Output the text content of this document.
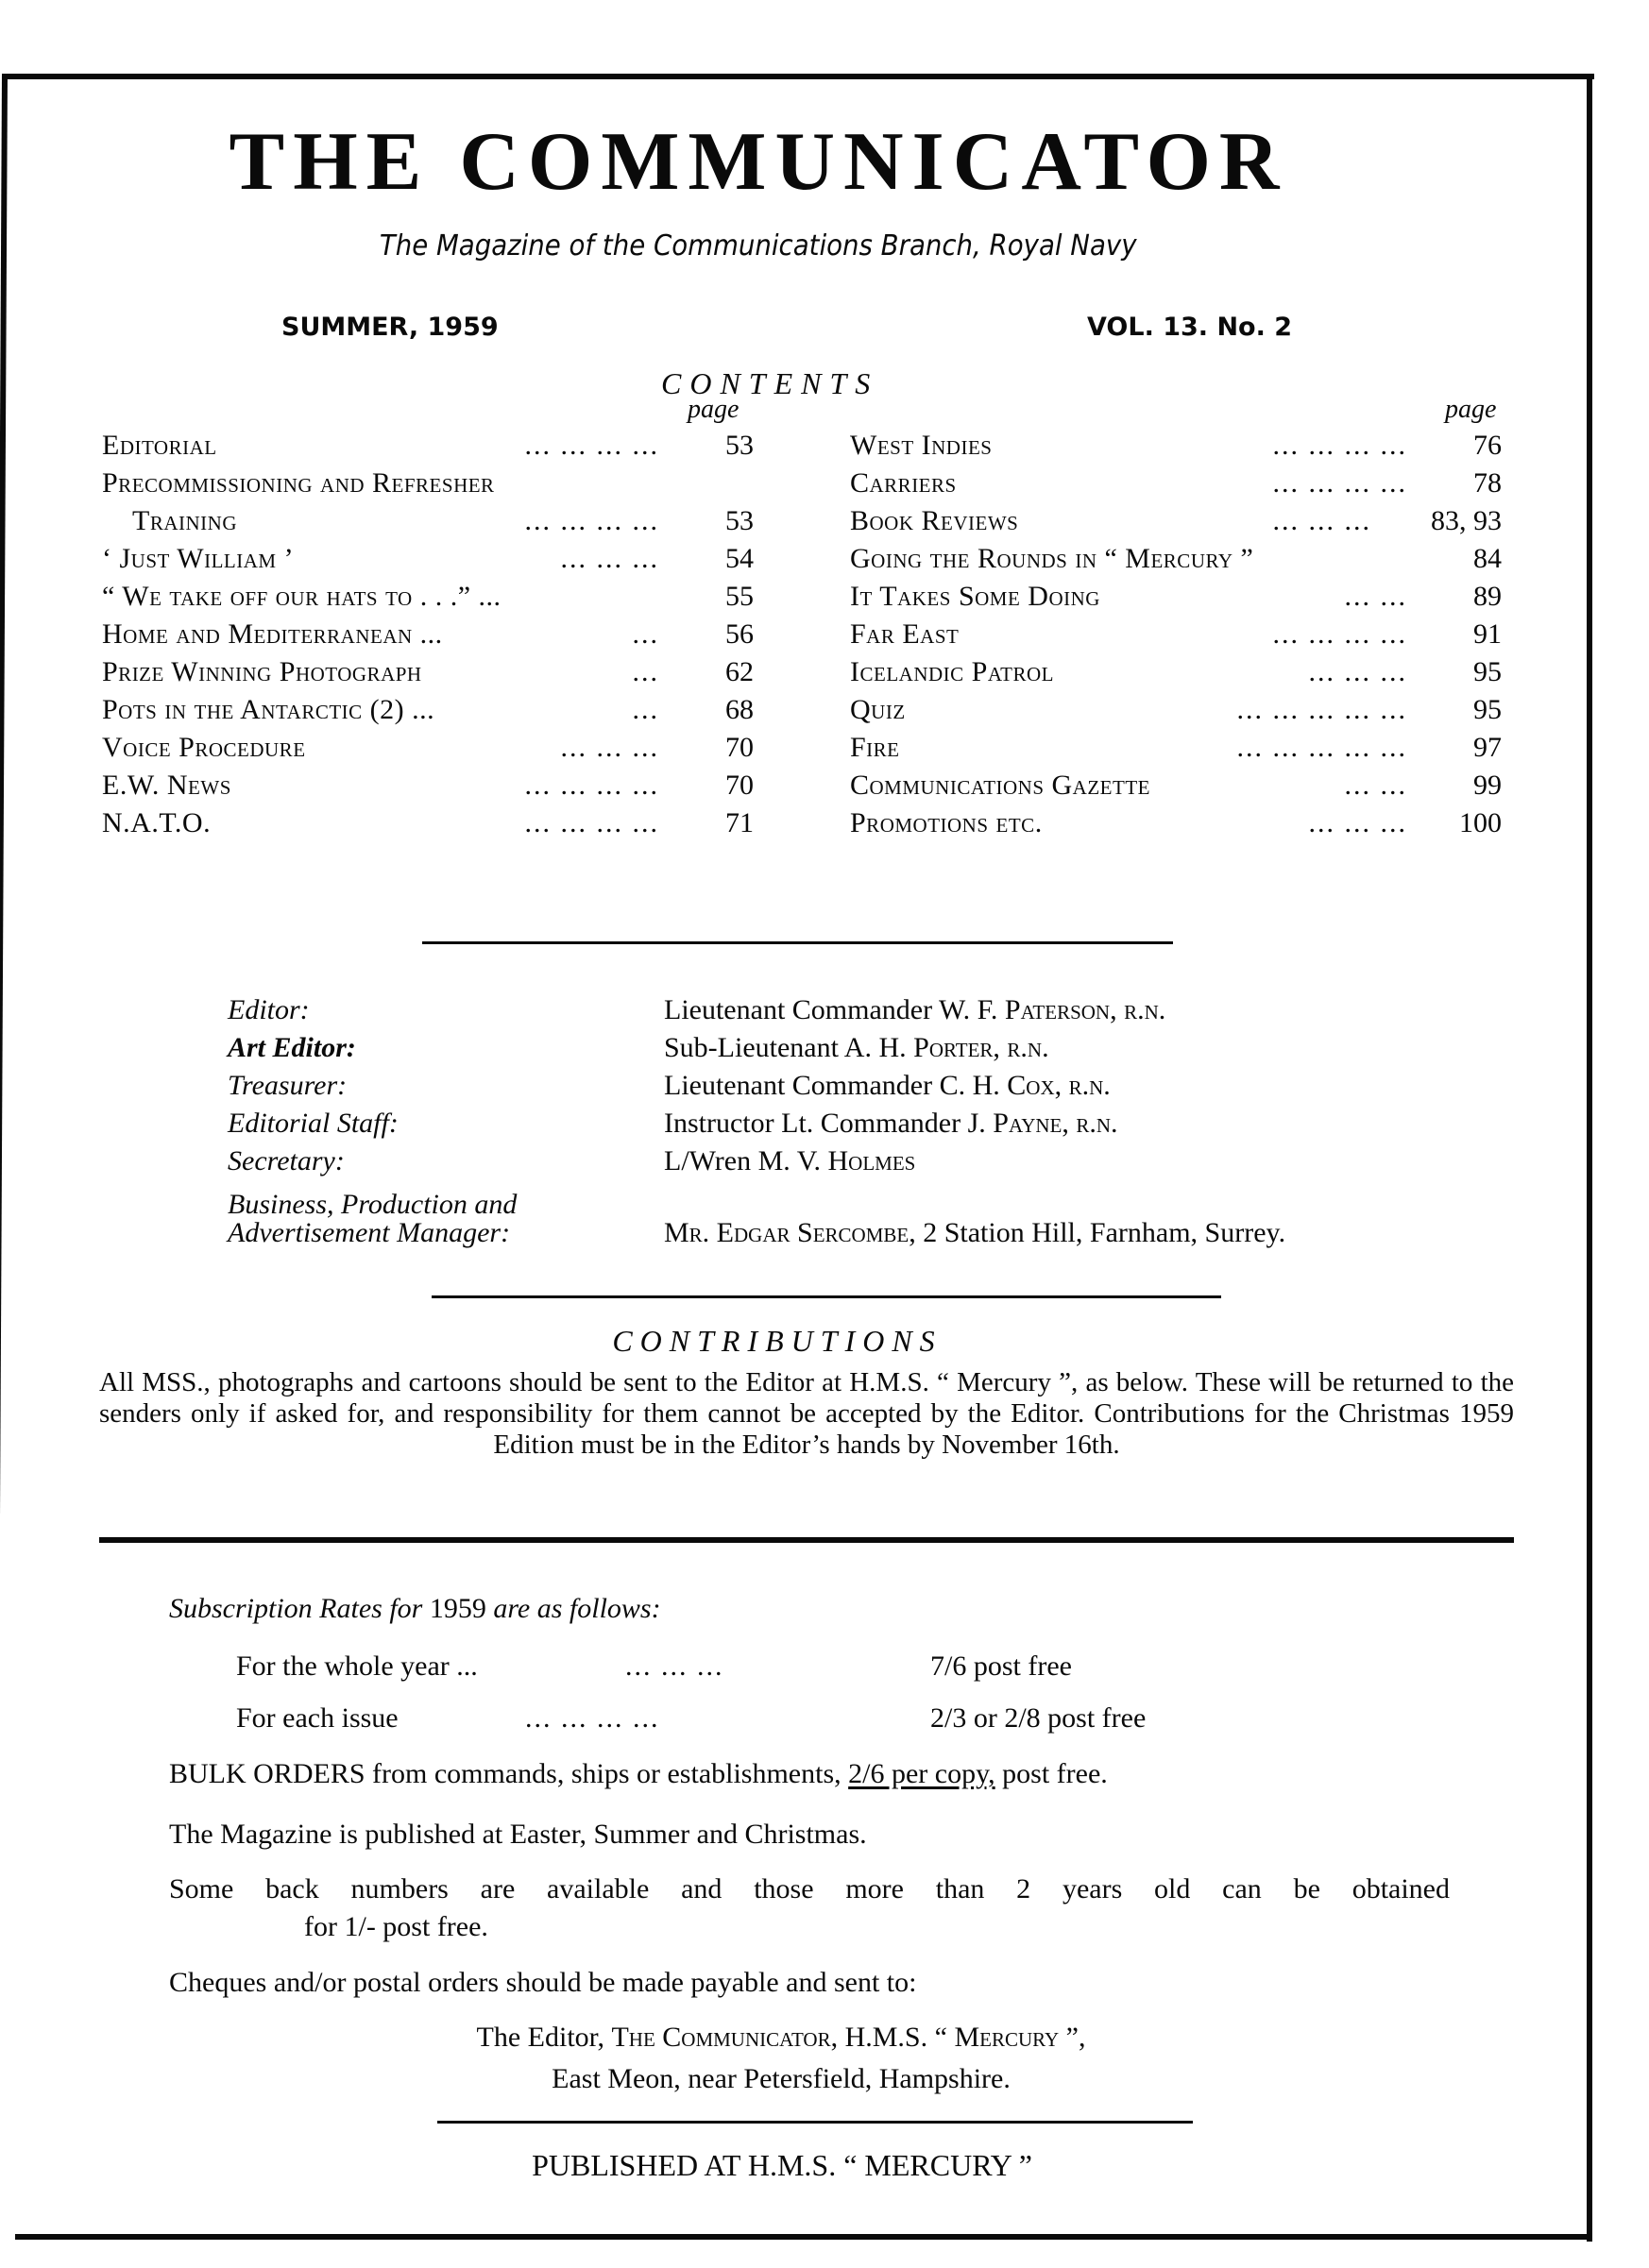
THE COMMUNICATOR
The Magazine of the Communications Branch, Royal Navy
SUMMER, 1959	VOL. 13. No. 2
CONTENTS
page	page
Editorial	... ... ... ... 53
Precommissioning and Refresher
Training	... ... ... ... 53
‘ Just William ’	... ... ... 54
“ We take off our hats to . . .” ...	55
Home and Mediterranean ...	... 56
Prize Winning Photograph	... 62
Pots in the Antarctic (2) ...	... 68
Voice Procedure	... ... ... 70
E.W. News	... ... ... ... 70
N.A.T.O.	... ... ... ... 71
West Indies	... ... ... ... 76
Carriers	... ... ... ... 78
Book Reviews	... ... ... 83, 93
Going the Rounds in “ Mercury ”	84
It Takes Some Doing	... ... 89
Far East	... ... ... ... 91
Icelandic Patrol	... ... ... 95
Quiz	... ... ... ... ... 95
Fire	... ... ... ... ... 97
Communications Gazette	... ... 99
Promotions etc.	... ... ... 100
Editor:	Lieutenant Commander W. F. Paterson, r.n.
Art Editor:	Sub-Lieutenant A. H. Porter, r.n.
Treasurer:	Lieutenant Commander C. H. Cox, r.n.
Editorial Staff:	Instructor Lt. Commander J. Payne, r.n.
Secretary:	L/Wren M. V. Holmes
Business, Production and
Advertisement Manager:	Mr. Edgar Sercombe, 2 Station Hill, Farnham, Surrey.
CONTRIBUTIONS
All MSS., photographs and cartoons should be sent to the Editor at H.M.S. “ Mercury ”, as below. These will be returned to the senders only if asked for, and responsibility for them cannot be accepted by the Editor. Contributions for the Christmas 1959 Edition must be in the Editor’s hands by November 16th.
Subscription Rates for 1959 are as follows:
For the whole year ...	... ... ...	7/6 post free
For each issue	... ... ... ...	2/3 or 2/8 post free
BULK ORDERS from commands, ships or establishments, 2/6 per copy, post free.
The Magazine is published at Easter, Summer and Christmas.
Some back numbers are available and those more than 2 years old can be obtained
for 1/- post free.
Cheques and/or postal orders should be made payable and sent to:
The Editor, The Communicator, H.M.S. “ Mercury ”,
East Meon, near Petersfield, Hampshire.
PUBLISHED AT H.M.S. “ MERCURY ”
